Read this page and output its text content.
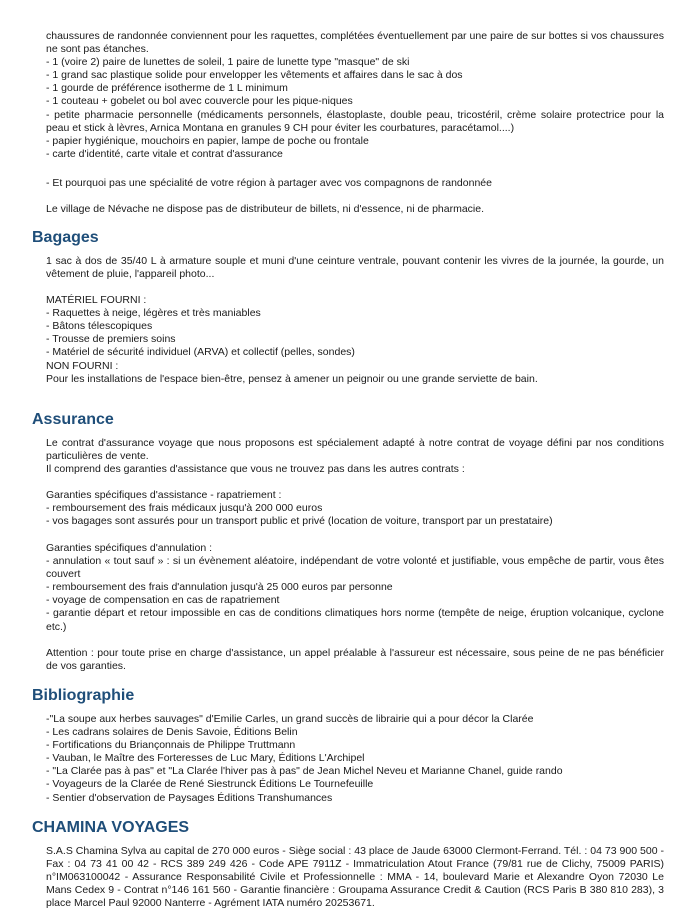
chaussures de randonnée conviennent pour les raquettes, complétées éventuellement par une paire de sur bottes si vos chaussures ne sont pas étanches.

- 1 (voire 2) paire de lunettes de soleil, 1 paire de lunette type "masque" de ski

- 1 grand sac plastique solide pour envelopper les vêtements et affaires dans le sac à dos

- 1 gourde de préférence isotherme de 1 L minimum

- 1 couteau + gobelet ou bol avec couvercle pour les pique-niques

- petite pharmacie personnelle (médicaments personnels, élastoplaste, double peau, tricostéril, crème solaire protectrice pour la peau et stick à lèvres, Arnica Montana en granules 9 CH pour éviter les courbatures, paracétamol....)

- papier hygiénique, mouchoirs en papier, lampe de poche ou frontale

- carte d'identité, carte vitale et contrat d'assurance

- Et pourquoi pas une spécialité de votre région à partager avec vos compagnons de randonnée

Le village de Névache ne dispose pas de distributeur de billets, ni d'essence, ni de pharmacie.

Bagages

1 sac à dos de 35/40 L à armature souple et muni d'une ceinture ventrale, pouvant contenir les vivres de la journée, la gourde, un vêtement de pluie, l'appareil photo...

MATÉRIEL FOURNI :

- Raquettes à neige, légères et très maniables

- Bâtons télescopiques

- Trousse de premiers soins

- Matériel de sécurité individuel (ARVA) et collectif (pelles, sondes)

NON FOURNI :

Pour les installations de l'espace bien-être, pensez à amener un peignoir ou une grande serviette de bain.

Assurance

Le contrat d'assurance voyage que nous proposons est spécialement adapté à notre contrat de voyage défini par nos conditions particulières de vente.

Il comprend des garanties d'assistance que vous ne trouvez pas dans les autres contrats :

Garanties spécifiques d'assistance - rapatriement :

- remboursement des frais médicaux jusqu'à 200 000 euros

- vos bagages sont assurés pour un transport public et privé (location de voiture, transport par un prestataire)

Garanties spécifiques d'annulation :

- annulation « tout sauf » : si un évènement aléatoire, indépendant de votre volonté et justifiable, vous empêche de partir, vous êtes couvert

- remboursement des frais d'annulation jusqu'à 25 000 euros par personne

- voyage de compensation en cas de rapatriement

- garantie départ et retour impossible en cas de conditions climatiques hors norme (tempête de neige, éruption volcanique, cyclone etc.)

Attention : pour toute prise en charge d'assistance, un appel préalable à l'assureur est nécessaire, sous peine de ne pas bénéficier de vos garanties.

Bibliographie

-"La soupe aux herbes sauvages" d'Emilie Carles, un grand succès de librairie qui a pour décor la Clarée

- Les cadrans solaires de Denis Savoie, Éditions Belin

- Fortifications du Briançonnais de Philippe Truttmann

- Vauban, le Maître des Forteresses de Luc Mary, Éditions L'Archipel

- "La Clarée pas à pas" et "La Clarée l'hiver pas à pas" de Jean Michel Neveu et Marianne Chanel, guide rando

- Voyageurs de la Clarée de René Siestrunck Éditions Le Tournefeuille

- Sentier d'observation de Paysages Éditions Transhumances

CHAMINA VOYAGES

S.A.S Chamina Sylva au capital de 270 000 euros - Siège social : 43 place de Jaude 63000 Clermont-Ferrand. Tél. : 04 73 900 500 - Fax : 04 73 41 00 42 - RCS 389 249 426 - Code APE 7911Z - Immatriculation Atout France (79/81 rue de Clichy, 75009 PARIS) n°IM063100042 - Assurance Responsabilité Civile et Professionnelle : MMA - 14, boulevard Marie et Alexandre Oyon 72030 Le Mans Cedex 9 - Contrat n°146 161 560 - Garantie financière : Groupama Assurance Credit & Caution (RCS Paris B 380 810 283), 3 place Marcel Paul 92000 Nanterre - Agrément IATA numéro 20253671.
